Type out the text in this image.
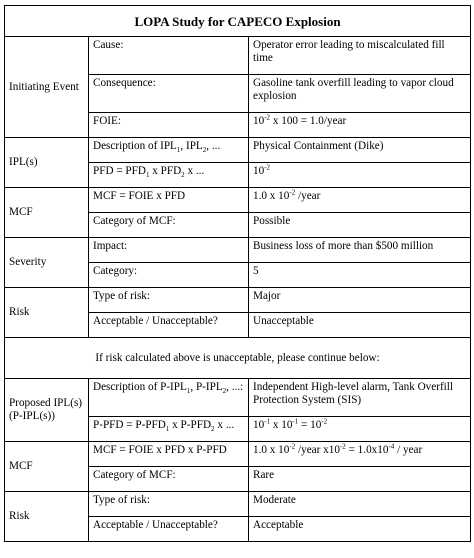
LOPA Study for CAPECO Explosion		
Initiating Event	Cause:	Operator error leading to miscalculated fill time
	Consequence:	Gasoline tank overfill leading to vapor cloud explosion
	FOIE:	$10^{-2}$ x 100 = 1.0/year
IPL(s)	Description of $IPL_1$, $IPL_2$, ...	Physical Containment (Dike)
	PFD = $PFD_1$ x $PFD_2$ x ...	$10^{-2}$
MCF	MCF = FOIE x PFD	1.0 x $10^{-2}$ /year
	Category of MCF:	Possible
Severity	Impact:	Business loss of more than $500 million
	Category:	5
Risk	Type of risk:	Major
	Acceptable / Unacceptable?	Unacceptable
If risk calculated above is unacceptable, please continue below:		
Proposed IPL(s) (P-IPL(s))	Description of $P-IPL_1$, $P-IPL_2$, ...:	Independent High-level alarm, Tank Overfill Protection System (SIS)
	$P-PFD = P-PFD_1$ x $P-PFD_2$ x ...	$10^{-1}$ x $10^{-1} = 10^{-2}$
MCF	MCF = FOIE x PFD x P-PFD	1.0 x $10^{-2}$ /year $x10^{-2} = 1.0x10^{-4}$ / year
	Category of MCF:	Rare
Risk	Type of risk:	Moderate
	Acceptable / Unacceptable?	Acceptable
